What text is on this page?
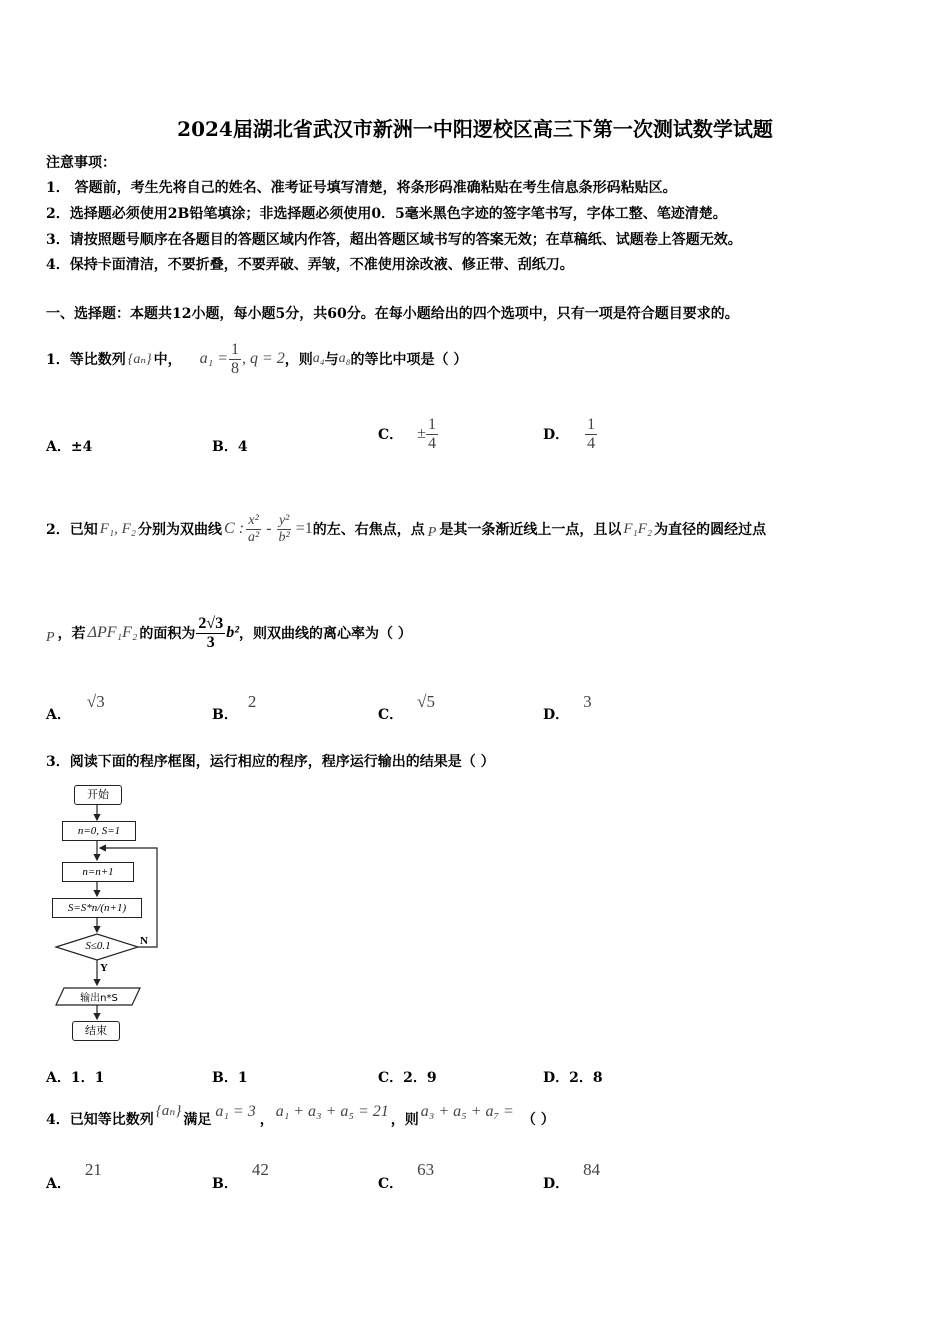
2024届湖北省武汉市新洲一中阳逻校区高三下第一次测试数学试题
注意事项：
1． 答题前，考生先将自己的姓名、准考证号填写清楚，将条形码准确粘贴在考生信息条形码粘贴区。
2．选择题必须使用2B铅笔填涂；非选择题必须使用0．5毫米黑色字迹的签字笔书写，字体工整、笔迹清楚。
3．请按照题号顺序在各题目的答题区域内作答，超出答题区域书写的答案无效；在草稿纸、试题卷上答题无效。
4．保持卡面清洁，不要折叠，不要弄破、弄皱，不准使用涂改液、修正带、刮纸刀。
一、选择题：本题共12小题，每小题5分，共60分。在每小题给出的四个选项中，只有一项是符合题目要求的。
1．等比数列 {aₙ} 中， $a_1 = \frac{1}{8}$ , q = 2 ，则 a₄ 与 a₈ 的等比中项是（ ）
A．±4	B．4
C． ± $\frac{1}{4}$	D． $\frac{1}{4}$
2．已知 F₁, F₂ 分别为双曲线 C : $\frac{\text{x²}}{\text{a²}} - \frac{\text{y²}}{\text{b²}} =1$ 的左、右焦点，点 P 是其一条渐近线上一点，且以 F₁F₂ 为直径的圆经过点
P ，若 ΔPF₁F₂ 的面积为 $\frac{2√3}{3} b^2$ ，则双曲线的离心率为（ ）
A．
√3
B．
2
C．
√5
D．
3
3．阅读下面的程序框图，运行相应的程序，程序运行输出的结果是（ ）
开始
n=0, S=1
n=n+1
S=S*n/(n+1)
S≤0.1	N
Y
输出n*S
结束
A．1．1	B．1	C．2．9	D．2．8
4．已知等比数列
{aₙ}
满足 a₁ = 3 ， a₁ + a₃ + a₅ = 21 ，则 a₃ + a₅ + a₇ = （ ）
A．
21
B．
42
C．
63
D．
84
